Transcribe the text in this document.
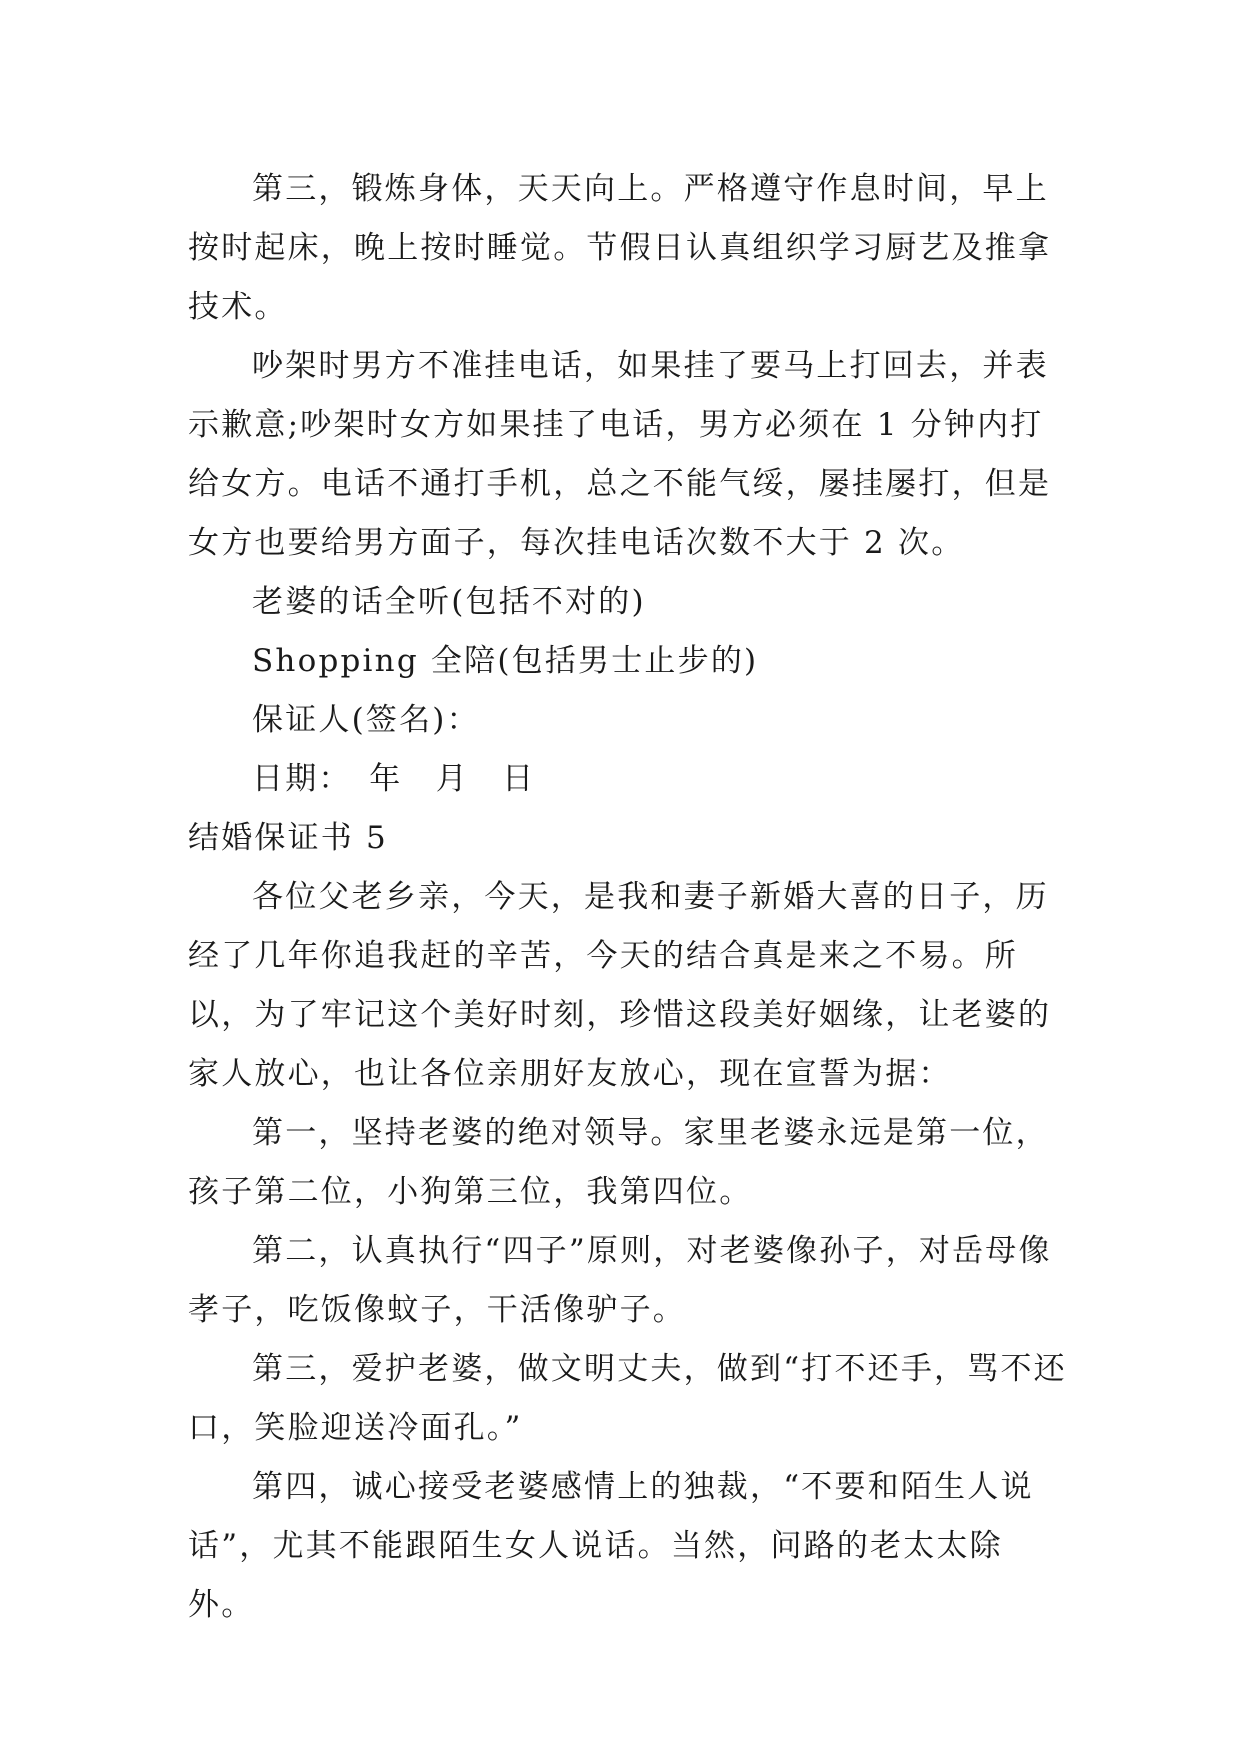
第三，锻炼身体，天天向上。严格遵守作息时间，早上按时起床，晚上按时睡觉。节假日认真组织学习厨艺及推拿技术。

吵架时男方不准挂电话，如果挂了要马上打回去，并表示歉意;吵架时女方如果挂了电话，男方必须在 1 分钟内打给女方。电话不通打手机，总之不能气绥，屡挂屡打，但是女方也要给男方面子，每次挂电话次数不大于 2 次。

老婆的话全听(包括不对的)

Shopping 全陪(包括男士止步的)

保证人(签名)：

日期：　年　月　日

结婚保证书 5

各位父老乡亲，今天，是我和妻子新婚大喜的日子，历经了几年你追我赶的辛苦，今天的结合真是来之不易。所以，为了牢记这个美好时刻，珍惜这段美好姻缘，让老婆的家人放心，也让各位亲朋好友放心，现在宣誓为据：

第一，坚持老婆的绝对领导。家里老婆永远是第一位，孩子第二位，小狗第三位，我第四位。

第二，认真执行“四子”原则，对老婆像孙子，对岳母像孝子，吃饭像蚊子，干活像驴子。

第三，爱护老婆，做文明丈夫，做到“打不还手，骂不还口，笑脸迎送冷面孔。”

第四，诚心接受老婆感情上的独裁，“不要和陌生人说话”，尤其不能跟陌生女人说话。当然，问路的老太太除外。
